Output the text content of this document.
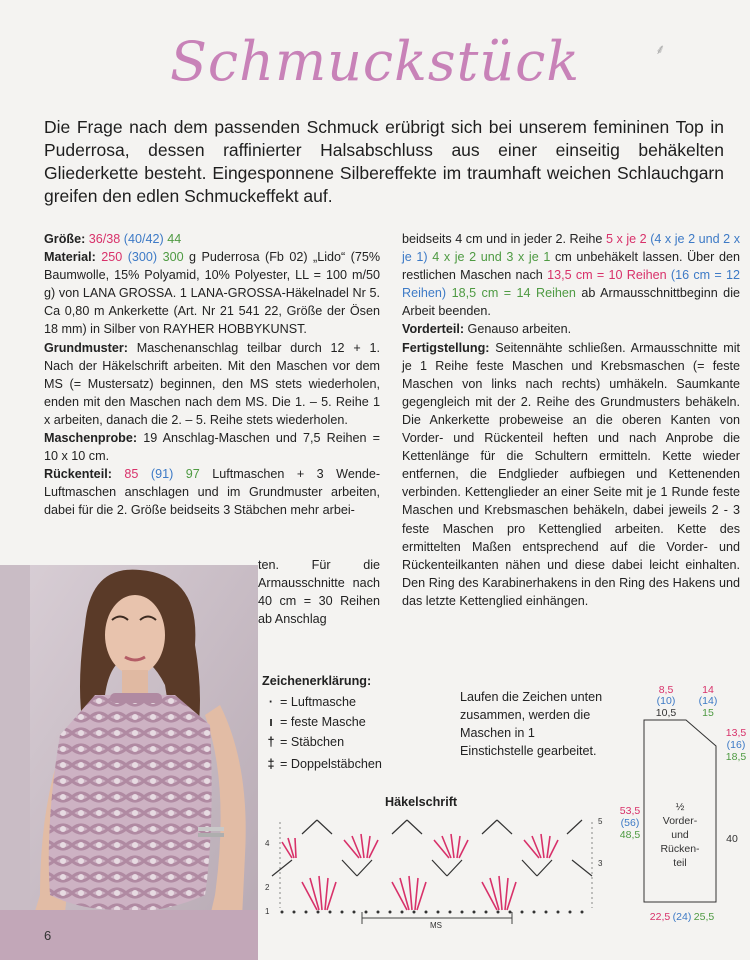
Schmuckstück	⸙
Die Frage nach dem passenden Schmuck erübrigt sich bei unserem femininen Top in Puderrosa, dessen raffinierter Halsabschluss aus einer einseitig behäkelten Gliederkette besteht. Eingesponnene Silbereffekte im traumhaft weichen Schlauchgarn greifen den edlen Schmuckeffekt auf.

Größe: 36/38 (40/42) 44

Material: 250 (300) 300 g Puderrosa (Fb 02) „Lido“ (75% Baumwolle, 15% Polyamid, 10% Polyester, LL = 100 m/50 g) von LANA GROSSA. 1 LANA-GROSSA-Häkelnadel Nr 5. Ca 0,80 m Ankerkette (Art. Nr 21 541 22, Größe der Ösen 18 mm) in Silber von RAYHER HOBBYKUNST.

Grundmuster: Maschenanschlag teilbar durch 12 + 1. Nach der Häkelschrift arbeiten. Mit den Maschen vor dem MS (= Mustersatz) beginnen, den MS stets wiederholen, enden mit den Maschen nach dem MS. Die 1. – 5. Reihe 1 x arbeiten, danach die 2. – 5. Reihe stets wiederholen.

Maschenprobe: 19 Anschlag-Maschen und 7,5 Reihen = 10 x 10 cm.

Rückenteil: 85 (91) 97 Luftmaschen + 3 Wende-Luftmaschen anschlagen und im Grundmuster arbeiten, dabei für die 2. Größe beidseits 3 Stäbchen mehr arbei-

ten. Für die Armausschnitte nach 40 cm = 30 Reihen ab Anschlag

beidseits 4 cm und in jeder 2. Reihe 5 x je 2 (4 x je 2 und 2 x je 1) 4 x je 2 und 3 x je 1 cm unbehäkelt lassen. Über den restlichen Maschen nach 13,5 cm = 10 Reihen (16 cm = 12 Reihen) 18,5 cm = 14 Reihen ab Armausschnittbeginn die Arbeit beenden.

Vorderteil: Genauso arbeiten.

Fertigstellung: Seitennähte schließen. Armausschnitte mit je 1 Reihe feste Maschen und Krebsmaschen (= feste Maschen von links nach rechts) umhäkeln. Saumkante gegengleich mit der 2. Reihe des Grundmusters behäkeln. Die Ankerkette probeweise an die oberen Kanten von Vorder- und Rückenteil heften und nach Anprobe die Kettenlänge für die Schultern ermitteln. Kette wieder entfernen, die Endglieder aufbiegen und Kettenenden verbinden. Kettenglieder an einer Seite mit je 1 Runde feste Maschen und Krebsmaschen behäkeln, dabei jeweils 2 - 3 feste Maschen pro Kettenglied arbeiten. Kette des ermittelten Maßen entsprechend auf die Vorder- und Rückenteilkanten nähen und diese dabei leicht einhalten. Den Ring des Karabinerhakens in den Ring des Hakens und das letzte Kettenglied einhängen.

Zeichenerklärung:
· = Luftmasche
ı = feste Masche
† = Stäbchen
‡ = Doppelstäbchen
Laufen die Zeichen unten zusammen, werden die Maschen in 1 Einstichstelle gearbeitet.
Häkelschrift
1
2
3
4
5
MS
8,5
(10)
10,5
14
(14)
15
13,5
(16)
18,5
53,5
(56)
48,5	40
22,5 (24) 25,5
½
Vorder-
und
Rücken-
teil
6
